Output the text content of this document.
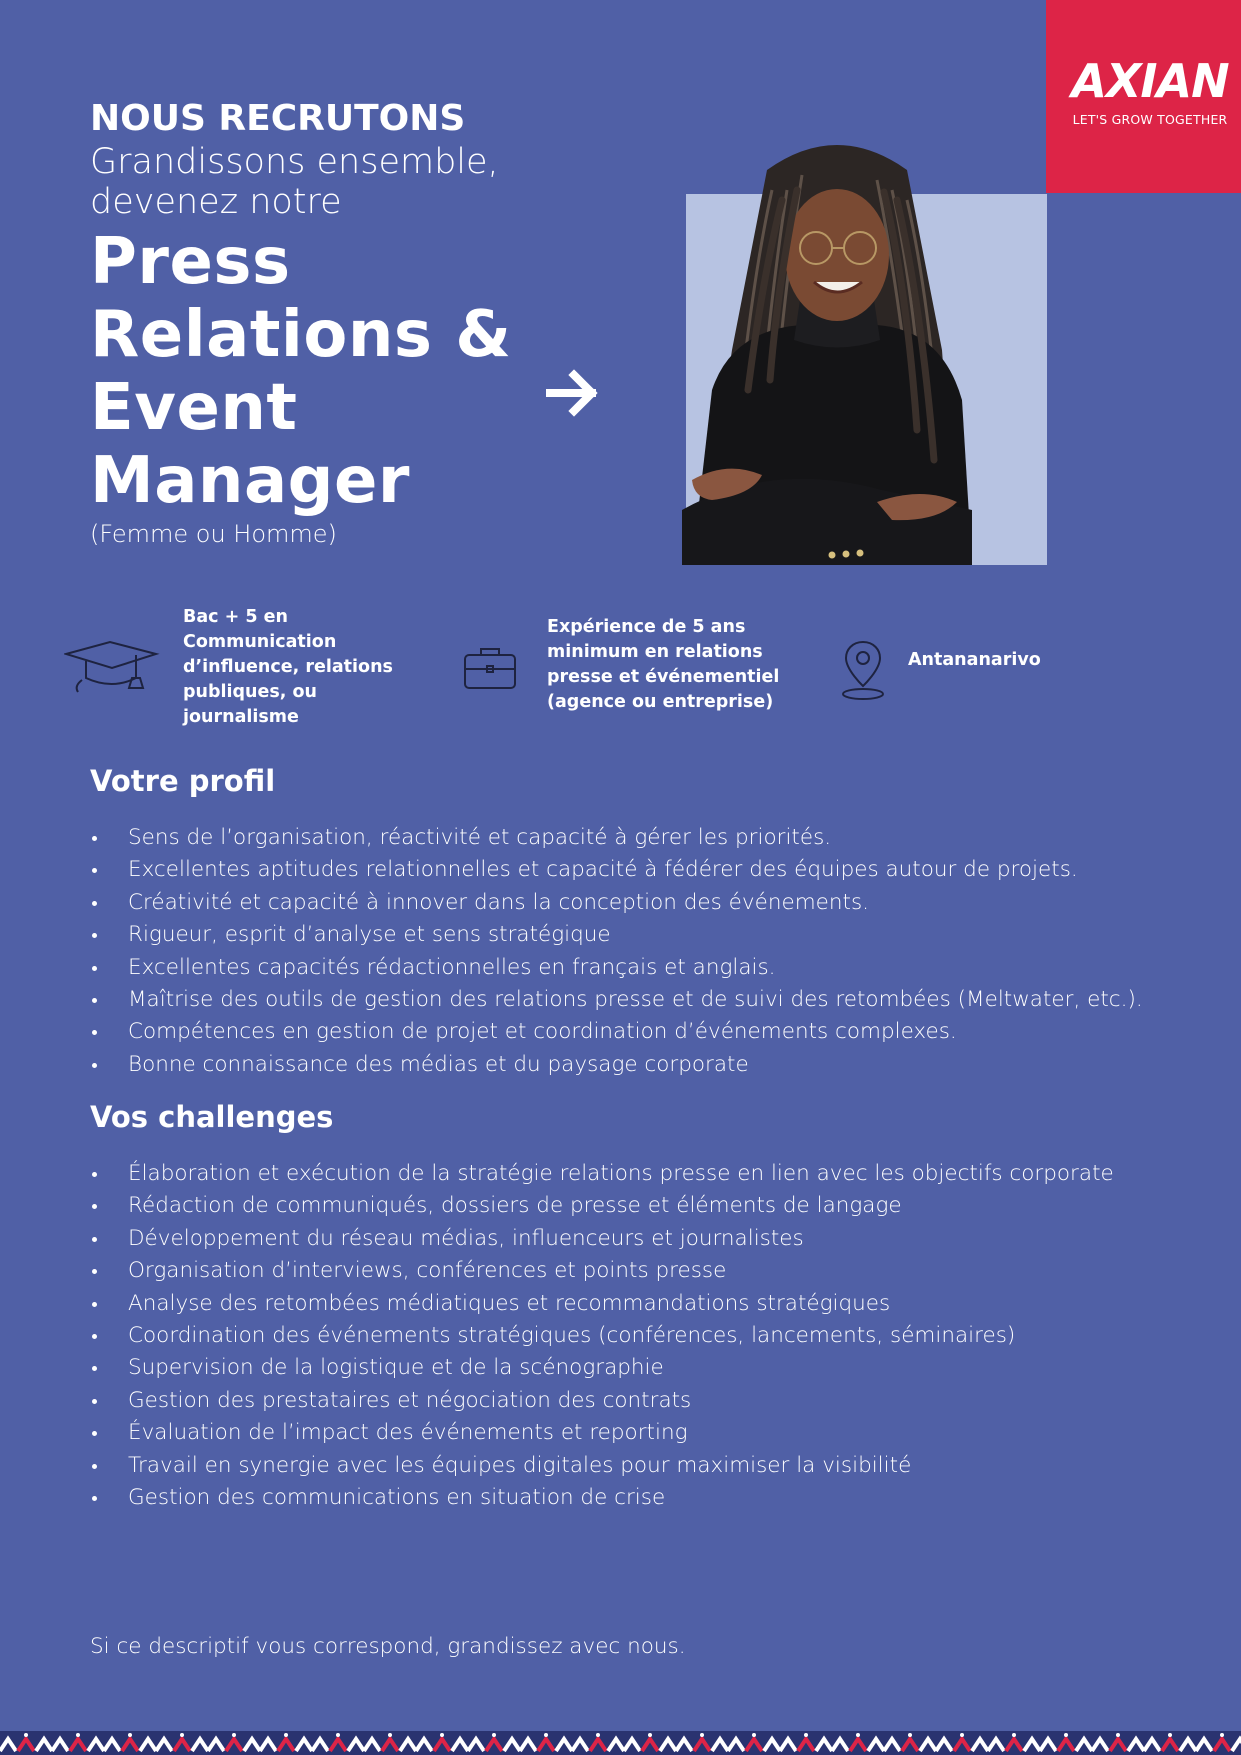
AXIAN
LET'S GROW TOGETHER
NOUS RECRUTONS
Grandissons ensemble, devenez notre
Press Relations & Event Manager
(Femme ou Homme)
Bac + 5 en Communication d’influence, relations publiques, ou journalisme
Expérience de 5 ans minimum en relations presse et événementiel (agence ou entreprise)
Antananarivo
Votre profil
Sens de l’organisation, réactivité et capacité à gérer les priorités.
Excellentes aptitudes relationnelles et capacité à fédérer des équipes autour de projets.
Créativité et capacité à innover dans la conception des événements.
Rigueur, esprit d’analyse et sens stratégique
Excellentes capacités rédactionnelles en français et anglais.
Maîtrise des outils de gestion des relations presse et de suivi des retombées (Meltwater, etc.).
Compétences en gestion de projet et coordination d’événements complexes.
Bonne connaissance des médias et du paysage corporate
Vos challenges
Élaboration et exécution de la stratégie relations presse en lien avec les objectifs corporate
Rédaction de communiqués, dossiers de presse et éléments de langage
Développement du réseau médias, influenceurs et journalistes
Organisation d’interviews, conférences et points presse
Analyse des retombées médiatiques et recommandations stratégiques
Coordination des événements stratégiques (conférences, lancements, séminaires)
Supervision de la logistique et de la scénographie
Gestion des prestataires et négociation des contrats
Évaluation de l’impact des événements et reporting
Travail en synergie avec les équipes digitales pour maximiser la visibilité
Gestion des communications en situation de crise
Si ce descriptif vous correspond, grandissez avec nous.
